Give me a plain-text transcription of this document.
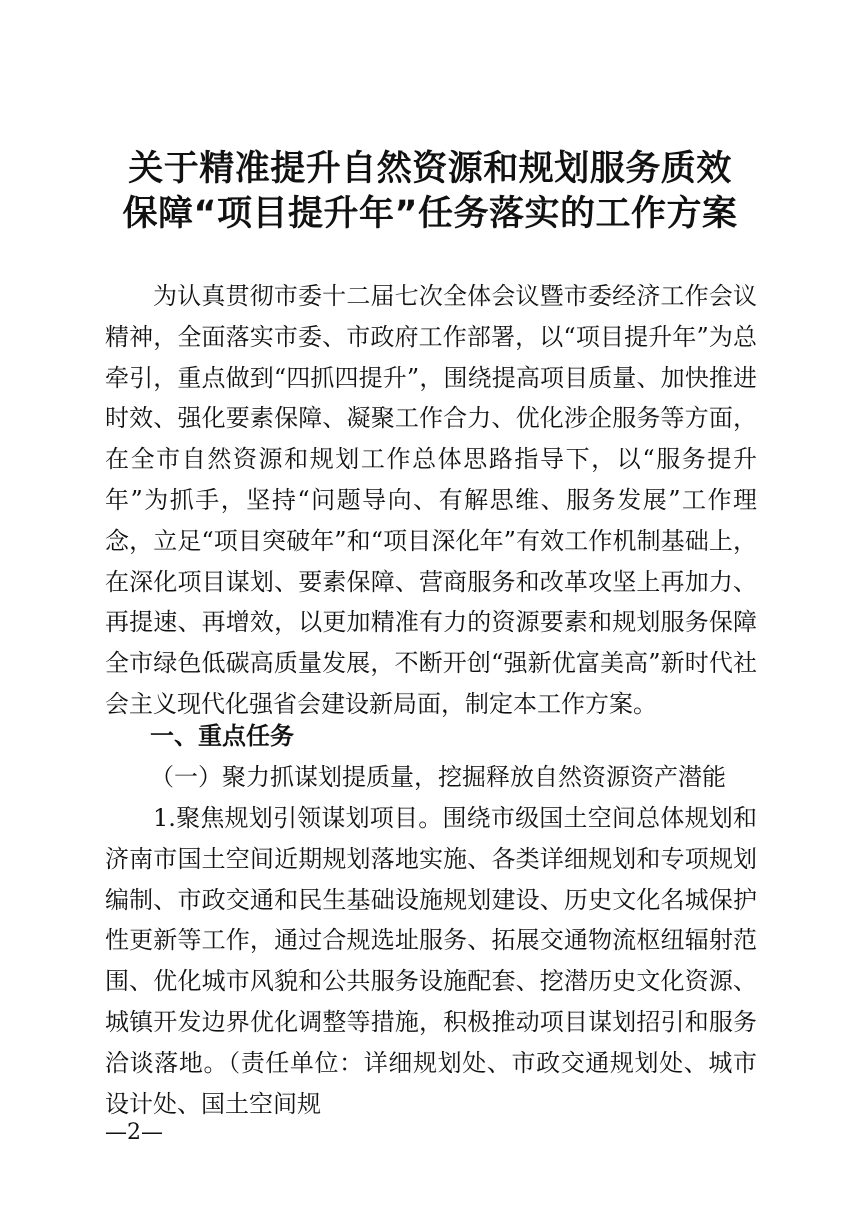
关于精准提升自然资源和规划服务质效
保障“项目提升年”任务落实的工作方案
为认真贯彻市委十二届七次全体会议暨市委经济工作会议精神，全面落实市委、市政府工作部署，以“项目提升年”为总牵引，重点做到“四抓四提升”，围绕提高项目质量、加快推进时效、强化要素保障、凝聚工作合力、优化涉企服务等方面，在全市自然资源和规划工作总体思路指导下，以“服务提升年”为抓手，坚持“问题导向、有解思维、服务发展”工作理念，立足“项目突破年”和“项目深化年”有效工作机制基础上，在深化项目谋划、要素保障、营商服务和改革攻坚上再加力、再提速、再增效，以更加精准有力的资源要素和规划服务保障全市绿色低碳高质量发展，不断开创“强新优富美高”新时代社会主义现代化强省会建设新局面，制定本工作方案。
一、重点任务
（一）聚力抓谋划提质量，挖掘释放自然资源资产潜能
1.聚焦规划引领谋划项目。围绕市级国土空间总体规划和济南市国土空间近期规划落地实施、各类详细规划和专项规划编制、市政交通和民生基础设施规划建设、历史文化名城保护性更新等工作，通过合规选址服务、拓展交通物流枢纽辐射范围、优化城市风貌和公共服务设施配套、挖潜历史文化资源、城镇开发边界优化调整等措施，积极推动项目谋划招引和服务洽谈落地。（责任单位：详细规划处、市政交通规划处、城市设计处、国土空间规
—2—
